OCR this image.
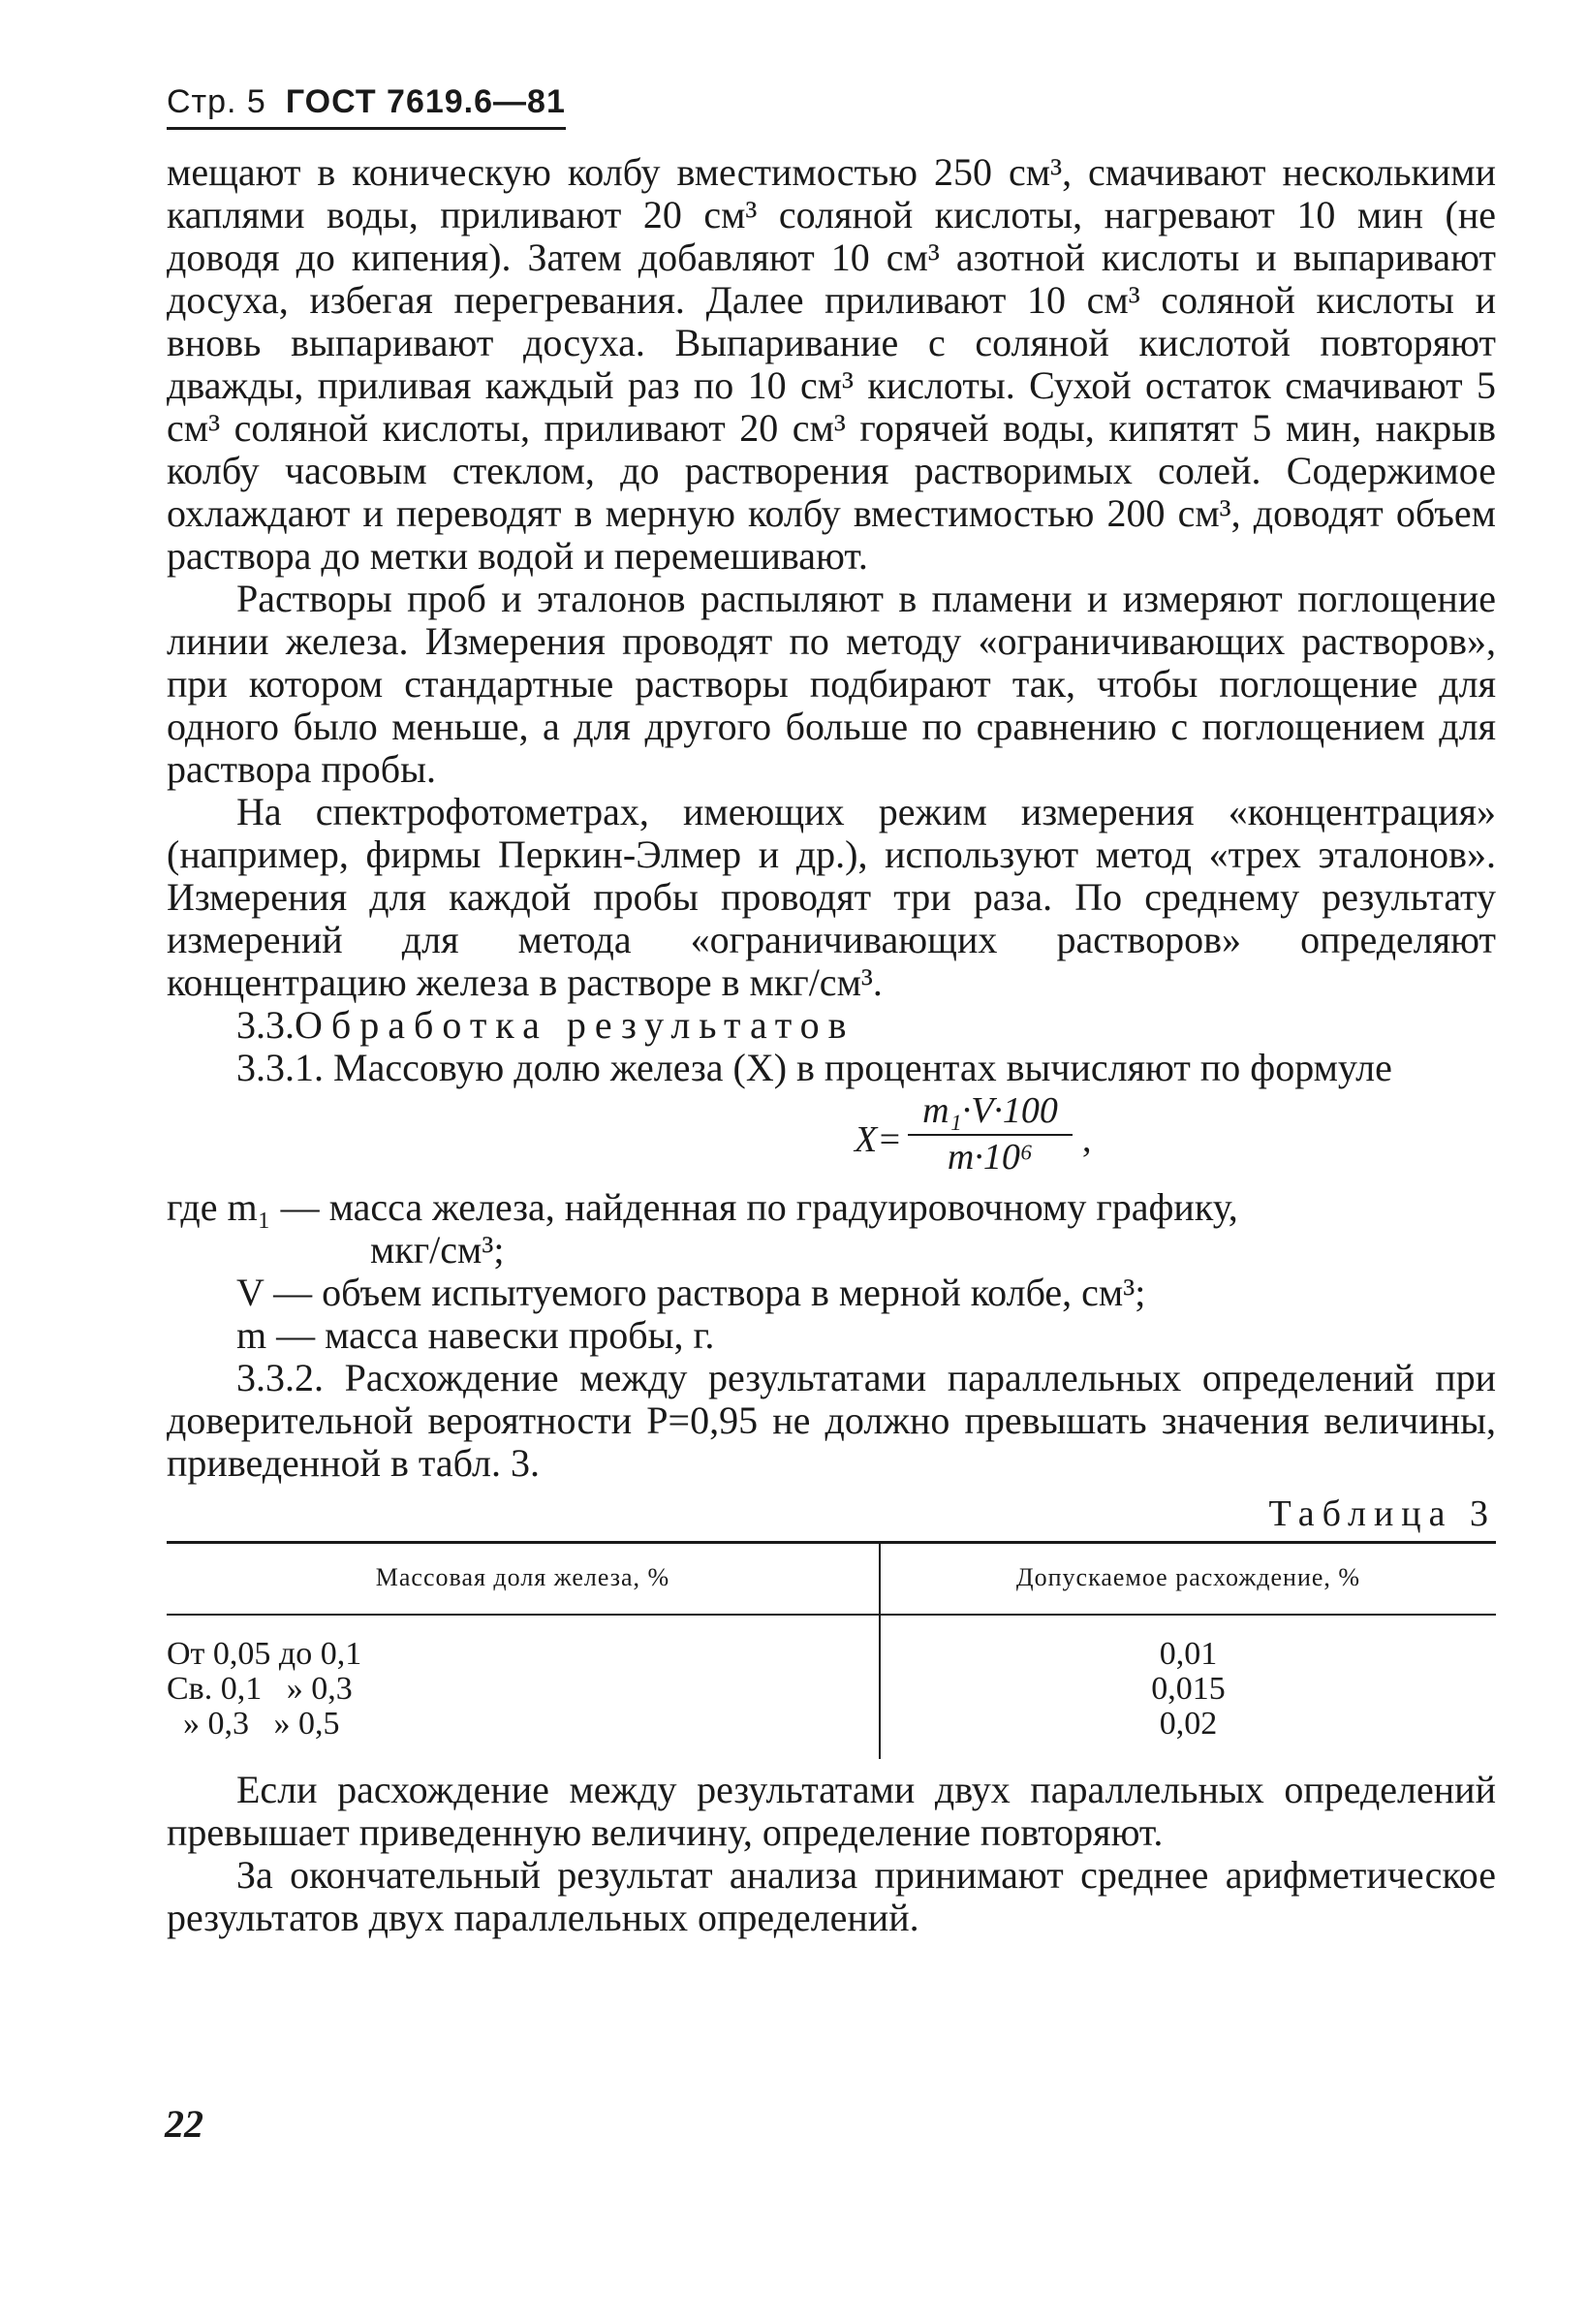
Стр. 5 ГОСТ 7619.6—81

мещают в коническую колбу вместимостью 250 см³, смачивают несколькими каплями воды, приливают 20 см³ соляной кислоты, нагревают 10 мин (не доводя до кипения). Затем добавляют 10 см³ азотной кислоты и выпаривают досуха, избегая перегревания. Далее приливают 10 см³ соляной кислоты и вновь выпаривают досуха. Выпаривание с соляной кислотой повторяют дважды, приливая каждый раз по 10 см³ кислоты. Сухой остаток смачивают 5 см³ соляной кислоты, приливают 20 см³ горячей воды, кипятят 5 мин, накрыв колбу часовым стеклом, до растворения растворимых солей. Содержимое охлаждают и переводят в мерную колбу вместимостью 200 см³, доводят объем раствора до метки водой и перемешивают.

Растворы проб и эталонов распыляют в пламени и измеряют поглощение линии железа. Измерения проводят по методу «ограничивающих растворов», при котором стандартные растворы подбирают так, чтобы поглощение для одного было меньше, а для другого больше по сравнению с поглощением для раствора пробы.

На спектрофотометрах, имеющих режим измерения «концентрация» (например, фирмы Перкин-Элмер и др.), используют метод «трех эталонов». Измерения для каждой пробы проводят три раза. По среднему результату измерений для метода «ограничивающих растворов» определяют концентрацию железа в растворе в мкг/см³.

3.3.Обработка результатов

3.3.1. Массовую долю железа (X) в процентах вычисляют по формуле

$X= \frac{\text{m₁·V·100}}{\text{m·10⁶}}$ ,

где m₁ — масса железа, найденная по градуировочному графику,

мкг/см³;

V — объем испытуемого раствора в мерной колбе, см³;

m — масса навески пробы, г.

3.3.2. Расхождение между результатами параллельных определений при доверительной вероятности P=0,95 не должно превышать значения величины, приведенной в табл. 3.

Таблица 3
Массовая доля железа, %	Допускаемое расхождение, %
От 0,05 до 0,1	0,01
Св. 0,1   » 0,3	0,015
» 0,3   » 0,5	0,02

Если расхождение между результатами двух параллельных определений превышает приведенную величину, определение повторяют.

За окончательный результат анализа принимают среднее арифметическое результатов двух параллельных определений.

22
